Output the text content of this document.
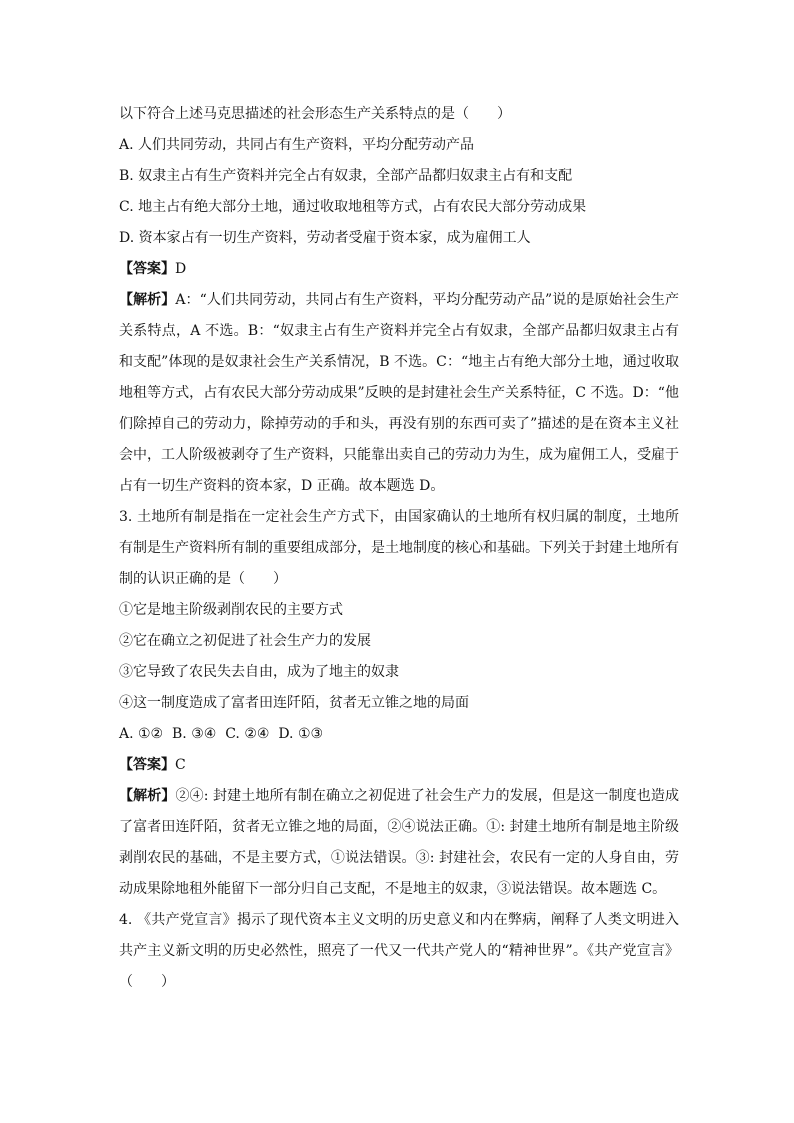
以下符合上述马克思描述的社会形态生产关系特点的是（　　）
A. 人们共同劳动，共同占有生产资料，平均分配劳动产品
B. 奴隶主占有生产资料并完全占有奴隶，全部产品都归奴隶主占有和支配
C. 地主占有绝大部分土地，通过收取地租等方式，占有农民大部分劳动成果
D. 资本家占有一切生产资料，劳动者受雇于资本家，成为雇佣工人
【答案】D
【解析】A：“人们共同劳动，共同占有生产资料，平均分配劳动产品”说的是原始社会生产
关系特点，A 不选。B：“奴隶主占有生产资料并完全占有奴隶，全部产品都归奴隶主占有
和支配”体现的是奴隶社会生产关系情况，B 不选。C：“地主占有绝大部分土地，通过收取
地租等方式，占有农民大部分劳动成果”反映的是封建社会生产关系特征，C 不选。D：“他
们除掉自己的劳动力，除掉劳动的手和头，再没有别的东西可卖了”描述的是在资本主义社
会中，工人阶级被剥夺了生产资料，只能靠出卖自己的劳动力为生，成为雇佣工人，受雇于
占有一切生产资料的资本家，D 正确。故本题选 D。
3. 土地所有制是指在一定社会生产方式下，由国家确认的土地所有权归属的制度，土地所
有制是生产资料所有制的重要组成部分，是土地制度的核心和基础。下列关于封建土地所有
制的认识正确的是（　　）
①它是地主阶级剥削农民的主要方式
②它在确立之初促进了社会生产力的发展
③它导致了农民失去自由，成为了地主的奴隶
④这一制度造成了富者田连阡陌，贫者无立锥之地的局面
A. ①②  B. ③④  C. ②④  D. ①③
【答案】C
【解析】②④: 封建土地所有制在确立之初促进了社会生产力的发展，但是这一制度也造成
了富者田连阡陌，贫者无立锥之地的局面，②④说法正确。①: 封建土地所有制是地主阶级
剥削农民的基础，不是主要方式，①说法错误。③: 封建社会，农民有一定的人身自由，劳
动成果除地租外能留下一部分归自己支配，不是地主的奴隶，③说法错误。故本题选 C。
4. 《共产党宣言》揭示了现代资本主义文明的历史意义和内在弊病，阐释了人类文明进入
共产主义新文明的历史必然性，照亮了一代又一代共产党人的“精神世界”。《共产党宣言》
（　　）
